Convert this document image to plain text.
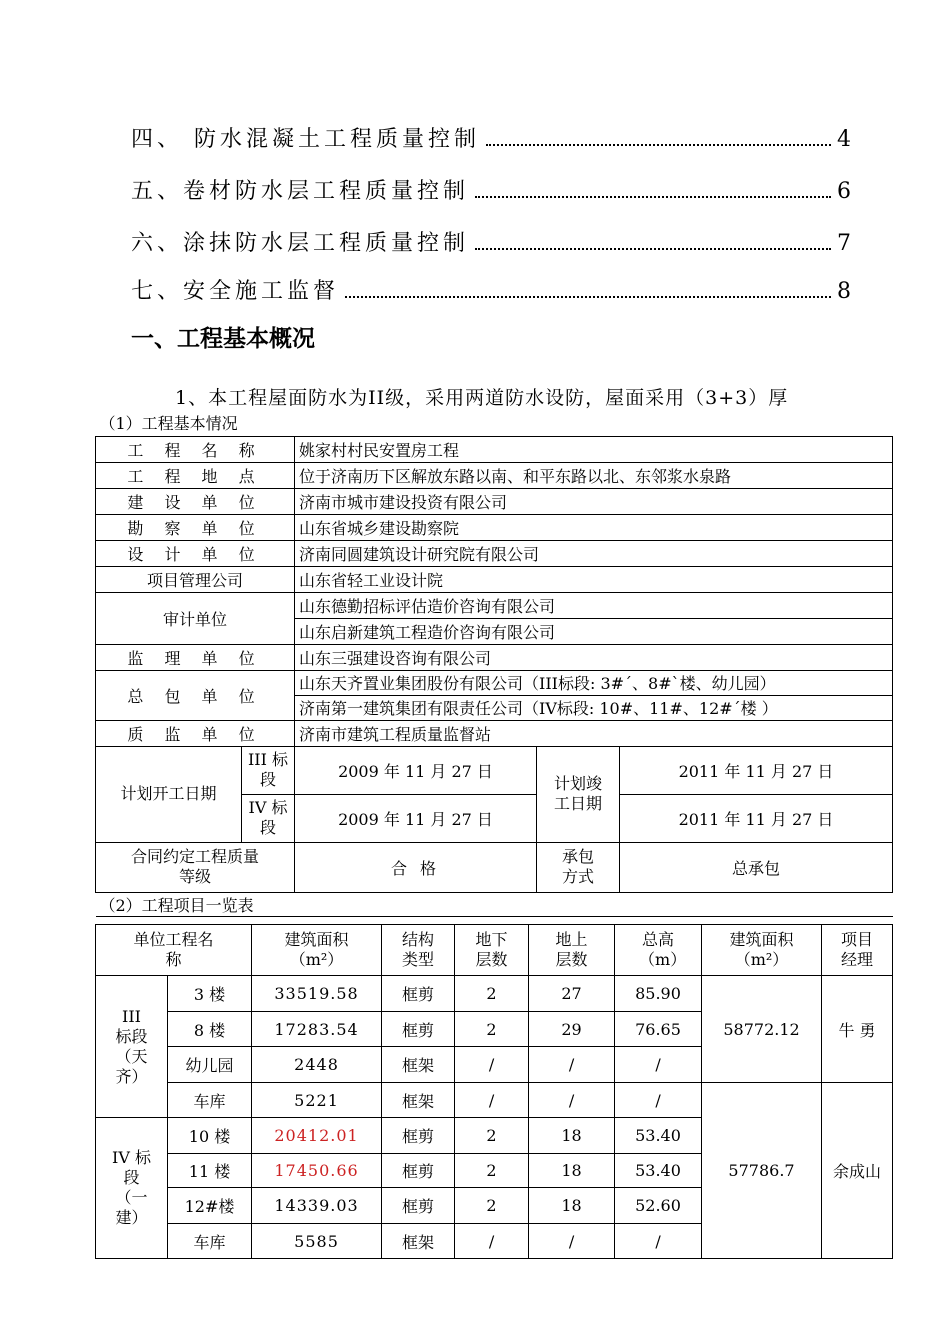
四、 防水混凝土工程质量控制	4
五、卷材防水层工程质量控制	6
六、涂抹防水层工程质量控制	7
七、安全施工监督	8
一、工程基本概况
1、本工程屋面防水为II级，采用两道防水设防，屋面采用（3+3）厚
（1）工程基本情况				
工 程 名 称		姚家村村民安置房工程		
工 程 地 点		位于济南历下区解放东路以南、和平东路以北、东邻浆水泉路		
建 设 单 位		济南市城市建设投资有限公司		
勘 察 单 位		山东省城乡建设勘察院		
设 计 单 位		济南同圆建筑设计研究院有限公司		
项目管理公司		山东省轻工业设计院		
审计单位		山东德勤招标评估造价咨询有限公司		
		山东启新建筑工程造价咨询有限公司		
监 理 单 位		山东三强建设咨询有限公司		
总 包 单 位		山东天齐置业集团股份有限公司（III标段: 3#ˊ、8#ˋ楼、幼儿园）		
		济南第一建筑集团有限责任公司（IV标段: 10#、11#、12#ˊ楼 ）		
质 监 单 位		济南市建筑工程质量监督站		
计划开工日期	III 标段	2009 年 11 月 27 日	计划竣工日期	2011 年 11 月 27 日
	IV 标段	2009 年 11 月 27 日		2011 年 11 月 27 日
合同约定工程质量等级		合 格	承包方式	总承包
（2）工程项目一览表				
单位工程名称		建筑面积（m²）	结构类型	地下层数	地上层数	总高（m）	建筑面积（m²）	项目经理
III 标段（天齐）	3 楼	33519.58	框剪	2	27	85.90	58772.12	牛 勇
	8 楼	17283.54	框剪	2	29	76.65		
	幼儿园	2448	框架	/	/	/		
	车库	5221	框架	/	/	/	57786.7	余成山
IV 标段（一建）	10 楼	20412.01	框剪	2	18	53.40		
	11 楼	17450.66	框剪	2	18	53.40		
	12#楼	14339.03	框剪	2	18	52.60		
	车库	5585	框架	/	/	/		
